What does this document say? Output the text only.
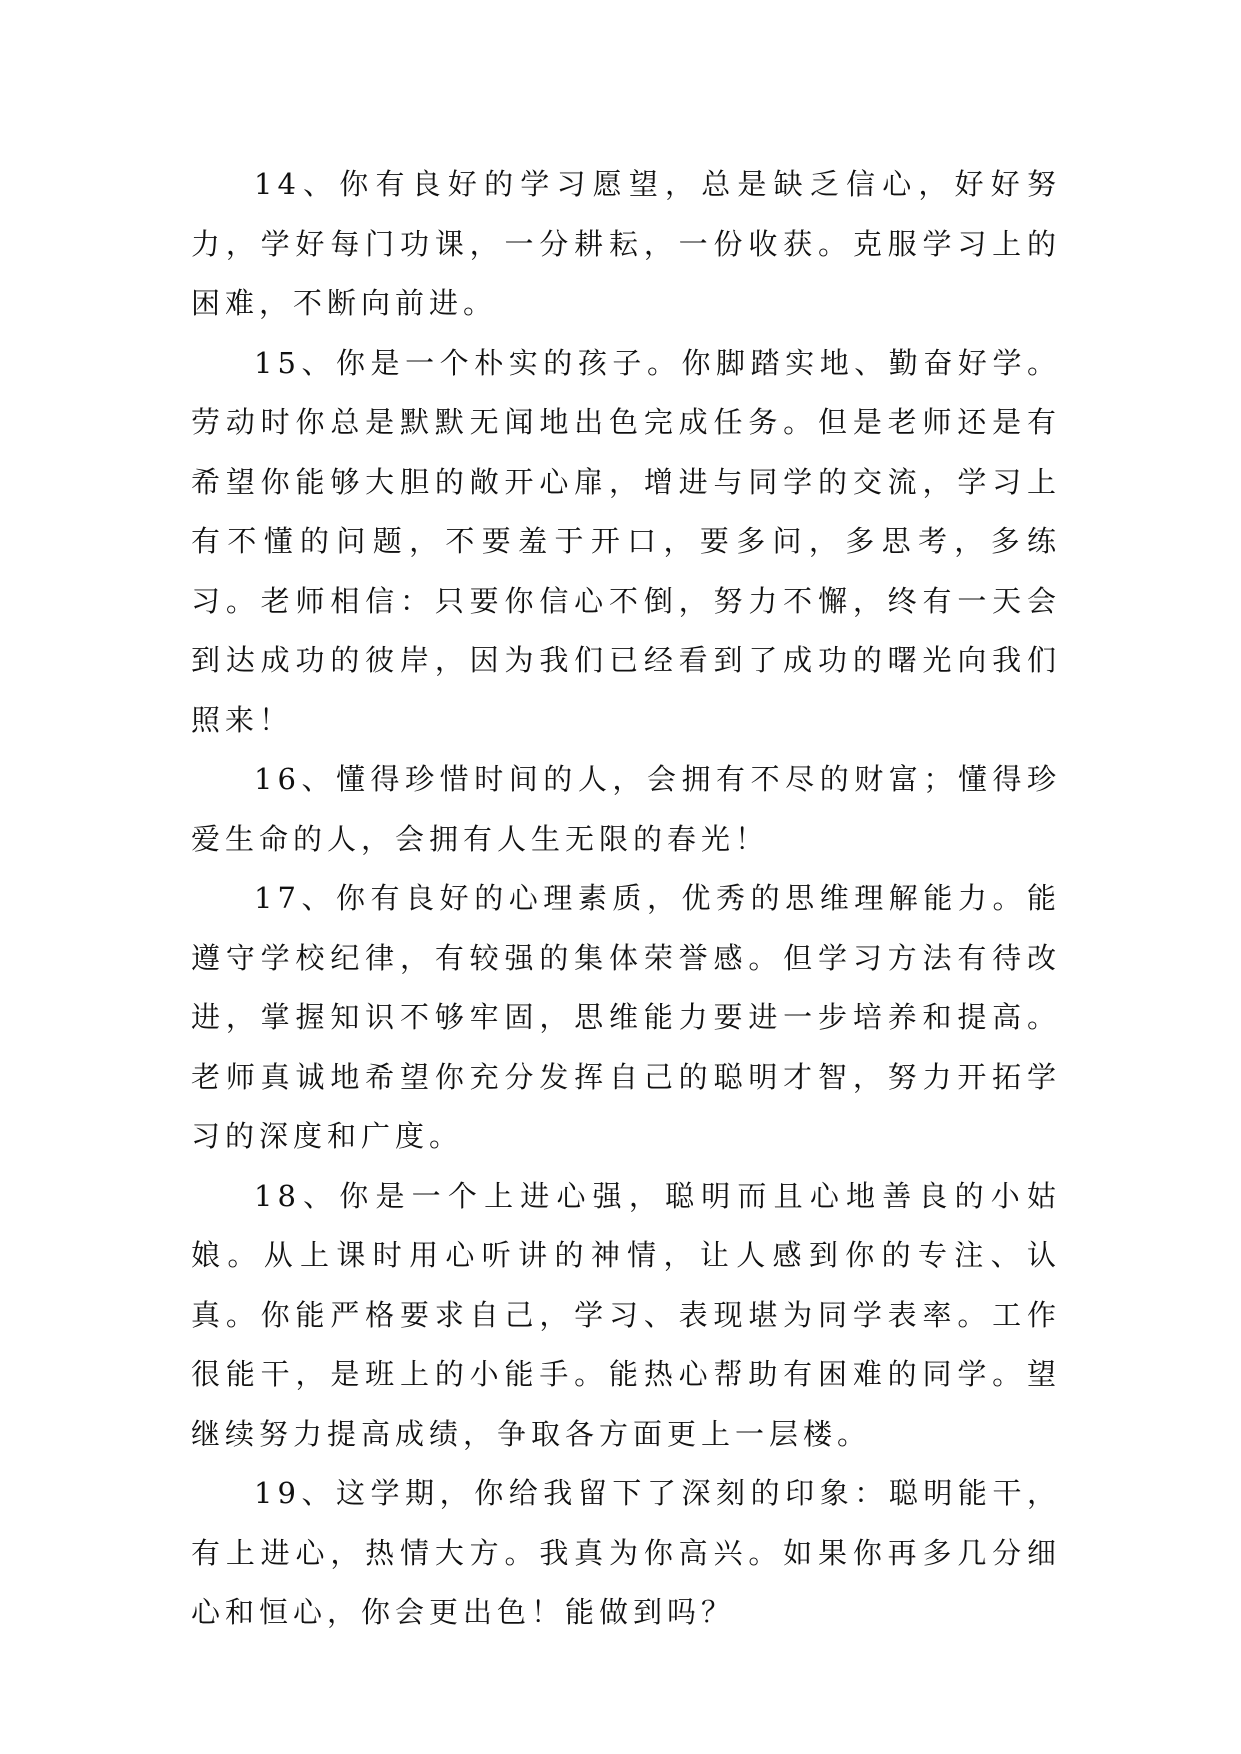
14、你有良好的学习愿望，总是缺乏信心，好好努力，学好每门功课，一分耕耘，一份收获。克服学习上的困难，不断向前进。

15、你是一个朴实的孩子。你脚踏实地、勤奋好学。劳动时你总是默默无闻地出色完成任务。但是老师还是有希望你能够大胆的敞开心扉，增进与同学的交流，学习上有不懂的问题，不要羞于开口，要多问，多思考，多练习。老师相信：只要你信心不倒，努力不懈，终有一天会到达成功的彼岸，因为我们已经看到了成功的曙光向我们照来！

16、懂得珍惜时间的人，会拥有不尽的财富；懂得珍爱生命的人，会拥有人生无限的春光！

17、你有良好的心理素质，优秀的思维理解能力。能遵守学校纪律，有较强的集体荣誉感。但学习方法有待改进，掌握知识不够牢固，思维能力要进一步培养和提高。老师真诚地希望你充分发挥自己的聪明才智，努力开拓学习的深度和广度。

18、你是一个上进心强，聪明而且心地善良的小姑娘。从上课时用心听讲的神情，让人感到你的专注、认真。你能严格要求自己，学习、表现堪为同学表率。工作很能干，是班上的小能手。能热心帮助有困难的同学。望继续努力提高成绩，争取各方面更上一层楼。

19、这学期，你给我留下了深刻的印象：聪明能干，有上进心，热情大方。我真为你高兴。如果你再多几分细心和恒心，你会更出色！能做到吗？
